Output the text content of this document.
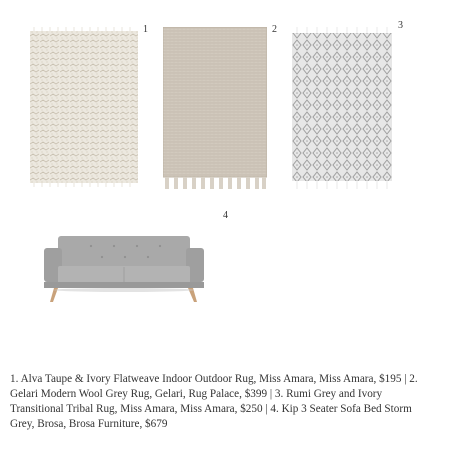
1	2	3
4
1. Alva Taupe & Ivory Flatweave Indoor Outdoor Rug, Miss Amara, Miss Amara, $195 | 2. Gelari Modern Wool Grey Rug, Gelari, Rug Palace, $399 | 3. Rumi Grey and Ivory Transitional Tribal Rug, Miss Amara, Miss Amara, $250 | 4. Kip 3 Seater Sofa Bed Storm Grey, Brosa, Brosa Furniture, $679
